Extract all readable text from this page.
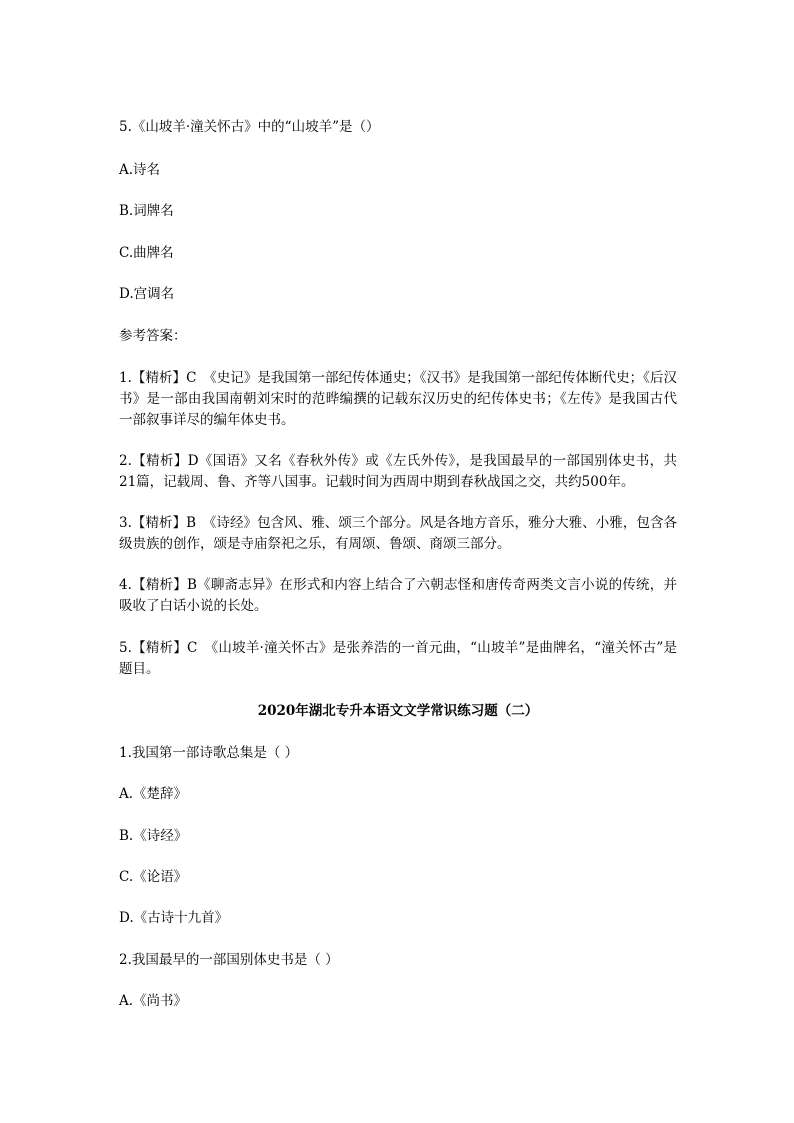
5.《山坡羊·潼关怀古》中的“山坡羊”是（）
A.诗名
B.词牌名
C.曲牌名
D.宫调名
参考答案：
1.【精析】C　《史记》是我国第一部纪传体通史；《汉书》是我国第一部纪传体断代史；《后汉书》是一部由我国南朝刘宋时的范晔编撰的记载东汉历史的纪传体史书；《左传》是我国古代一部叙事详尽的编年体史书。
2.【精析】D《国语》又名《春秋外传》或《左氏外传》，是我国最早的一部国别体史书，共21篇，记载周、鲁、齐等八国事。记载时间为西周中期到春秋战国之交，共约500年。
3.【精析】B　《诗经》包含风、雅、颂三个部分。风是各地方音乐，雅分大雅、小雅，包含各级贵族的创作，颂是寺庙祭祀之乐，有周颂、鲁颂、商颂三部分。
4.【精析】B《聊斋志异》在形式和内容上结合了六朝志怪和唐传奇两类文言小说的传统，并吸收了白话小说的长处。
5.【精析】C　《山坡羊·潼关怀古》是张养浩的一首元曲，“山坡羊”是曲牌名，“潼关怀古”是题目。
2020年湖北专升本语文文学常识练习题（二）
1.我国第一部诗歌总集是（ ）
A.《楚辞》
B.《诗经》
C.《论语》
D.《古诗十九首》
2.我国最早的一部国别体史书是（ ）
A.《尚书》
